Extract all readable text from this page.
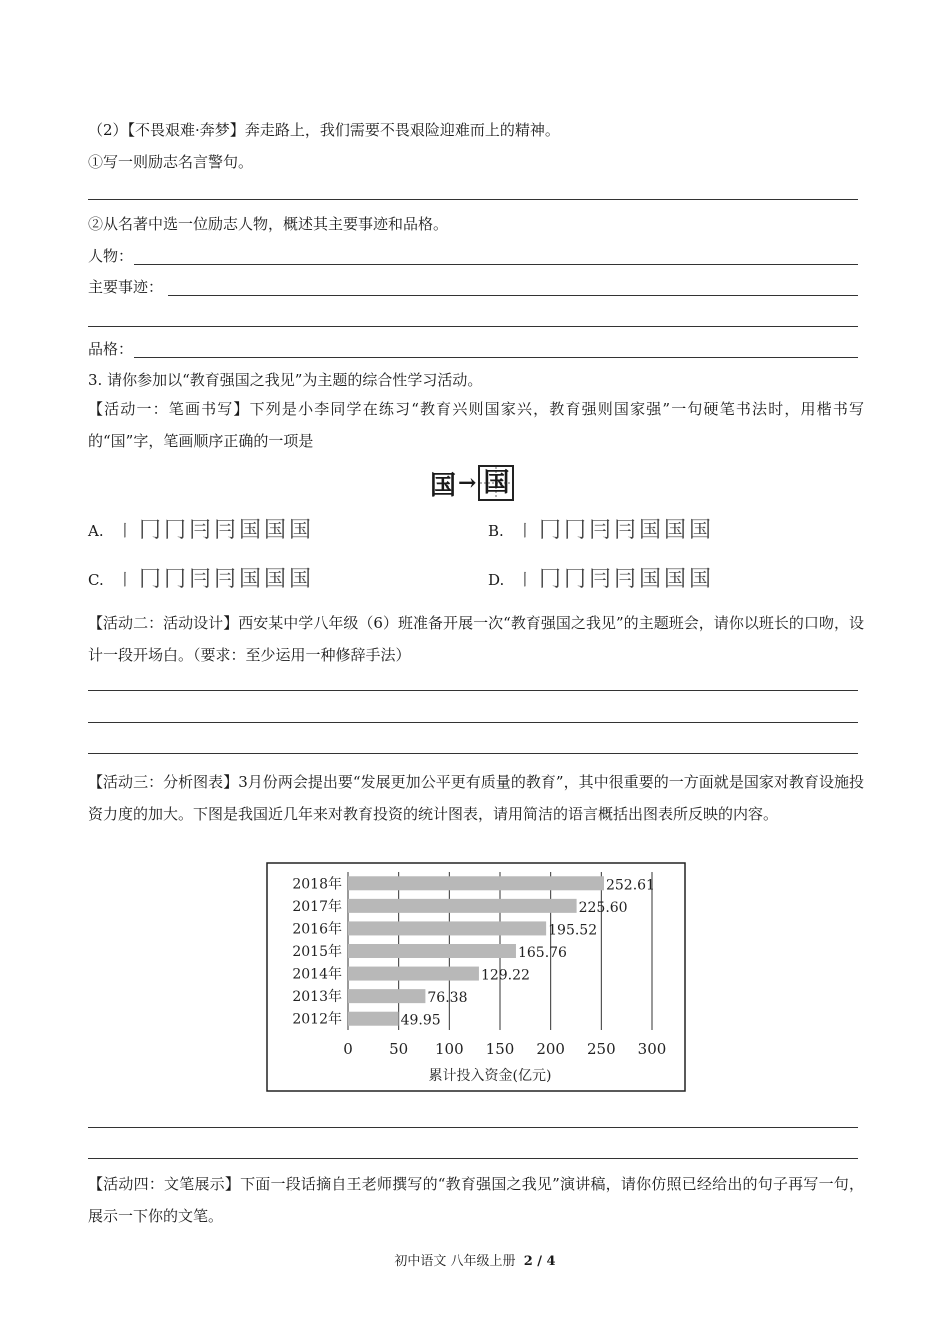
（2）【不畏艰难·奔梦】奔走路上，我们需要不畏艰险迎难而上的精神。
①写一则励志名言警句。
②从名著中选一位励志人物，概述其主要事迹和品格。
人物：
主要事迹：
品格：
3. 请你参加以“教育强国之我见”为主题的综合性学习活动。
【活动一：笔画书写】下列是小李同学在练习“教育兴则国家兴，教育强则国家强”一句硬笔书法时，用楷书写的“国”字，笔画顺序正确的一项是
国 → 国
A. 丨 冂 冂 冃 冃 国 国 国	B. 丨 冂 冂 冃 冃 国 国 国
C. 丨 冂 冂 冃 冃 国 国 国	D. 丨 冂 冂 冃 冃 国 国 国
【活动二：活动设计】西安某中学八年级（6）班准备开展一次“教育强国之我见”的主题班会，请你以班长的口吻，设计一段开场白。（要求：至少运用一种修辞手法）
【活动三：分析图表】3月份两会提出要“发展更加公平更有质量的教育”，其中很重要的一方面就是国家对教育设施投资力度的加大。下图是我国近几年来对教育投资的统计图表，请用简洁的语言概括出图表所反映的内容。
2018年	252.61
2017年	225.60
2016年	195.52
2015年	165.76
2014年	129.22
2013年	76.38
2012年	49.95
0 50 100 150 200 250 300
累计投入资金(亿元)
【活动四：文笔展示】下面一段话摘自王老师撰写的“教育强国之我见”演讲稿，请你仿照已经给出的句子再写一句，展示一下你的文笔。
初中语文 八年级上册 2 / 4
